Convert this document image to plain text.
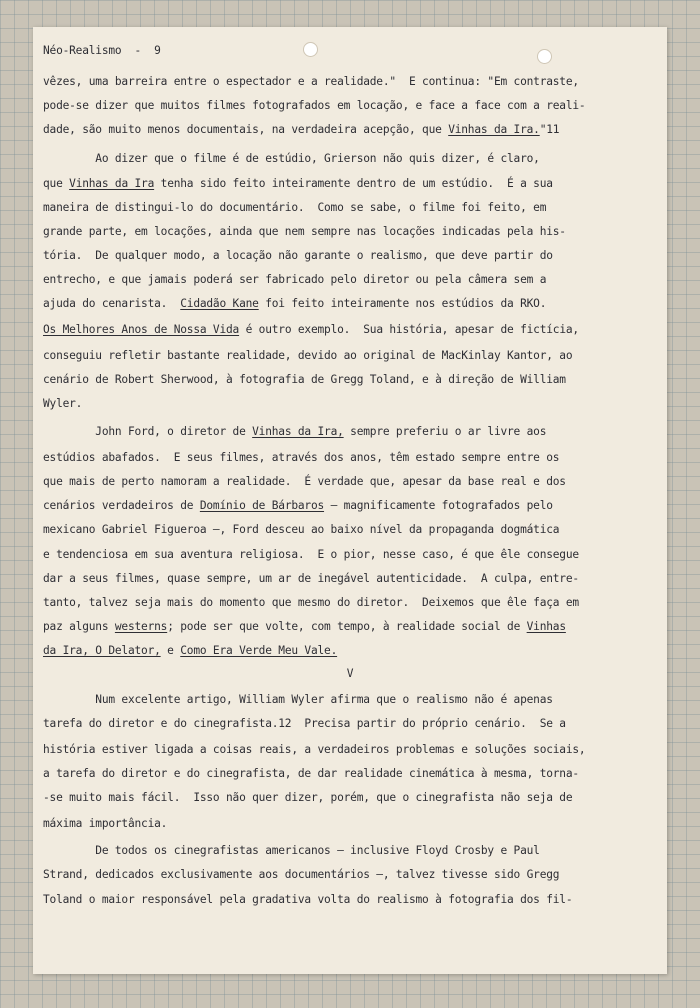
Néo-Realismo  -  9

vêzes, uma barreira entre o espectador e a realidade."  E continua: "Em contraste,
pode-se dizer que muitos filmes fotografados em locação, e face a face com a reali-
dade, são muito menos documentais, na verdadeira acepção, que Vinhas da Ira."11
Ao dizer que o filme é de estúdio, Grierson não quis dizer, é claro,
que Vinhas da Ira tenha sido feito inteiramente dentro de um estúdio.  É a sua
maneira de distingui-lo do documentário.  Como se sabe, o filme foi feito, em
grande parte, em locações, ainda que nem sempre nas locações indicadas pela his-
tória.  De qualquer modo, a locação não garante o realismo, que deve partir do
entrecho, e que jamais poderá ser fabricado pelo diretor ou pela câmera sem a
ajuda do cenarista.  Cidadão Kane foi feito inteiramente nos estúdios da RKO.
Os Melhores Anos de Nossa Vida é outro exemplo.  Sua história, apesar de fictícia,
conseguiu refletir bastante realidade, devido ao original de MacKinlay Kantor, ao
cenário de Robert Sherwood, à fotografia de Gregg Toland, e à direção de William
Wyler.
John Ford, o diretor de Vinhas da Ira, sempre preferiu o ar livre aos
estúdios abafados.  E seus filmes, através dos anos, têm estado sempre entre os
que mais de perto namoram a realidade.  É verdade que, apesar da base real e dos
cenários verdadeiros de Domínio de Bárbaros — magnificamente fotografados pelo
mexicano Gabriel Figueroa —, Ford desceu ao baixo nível da propaganda dogmática
e tendenciosa em sua aventura religiosa.  E o pior, nesse caso, é que êle consegue
dar a seus filmes, quase sempre, um ar de inegável autenticidade.  A culpa, entre-
tanto, talvez seja mais do momento que mesmo do diretor.  Deixemos que êle faça em
paz alguns westerns; pode ser que volte, com tempo, à realidade social de Vinhas
da Ira, O Delator, e Como Era Verde Meu Vale.
V
Num excelente artigo, William Wyler afirma que o realismo não é apenas
tarefa do diretor e do cinegrafista.12  Precisa partir do próprio cenário.  Se a
história estiver ligada a coisas reais, a verdadeiros problemas e soluções sociais,
a tarefa do diretor e do cinegrafista, de dar realidade cinemática à mesma, torna-
-se muito mais fácil.  Isso não quer dizer, porém, que o cinegrafista não seja de
máxima importância.
De todos os cinegrafistas americanos — inclusive Floyd Crosby e Paul
Strand, dedicados exclusivamente aos documentários —, talvez tivesse sido Gregg
Toland o maior responsável pela gradativa volta do realismo à fotografia dos fil-
